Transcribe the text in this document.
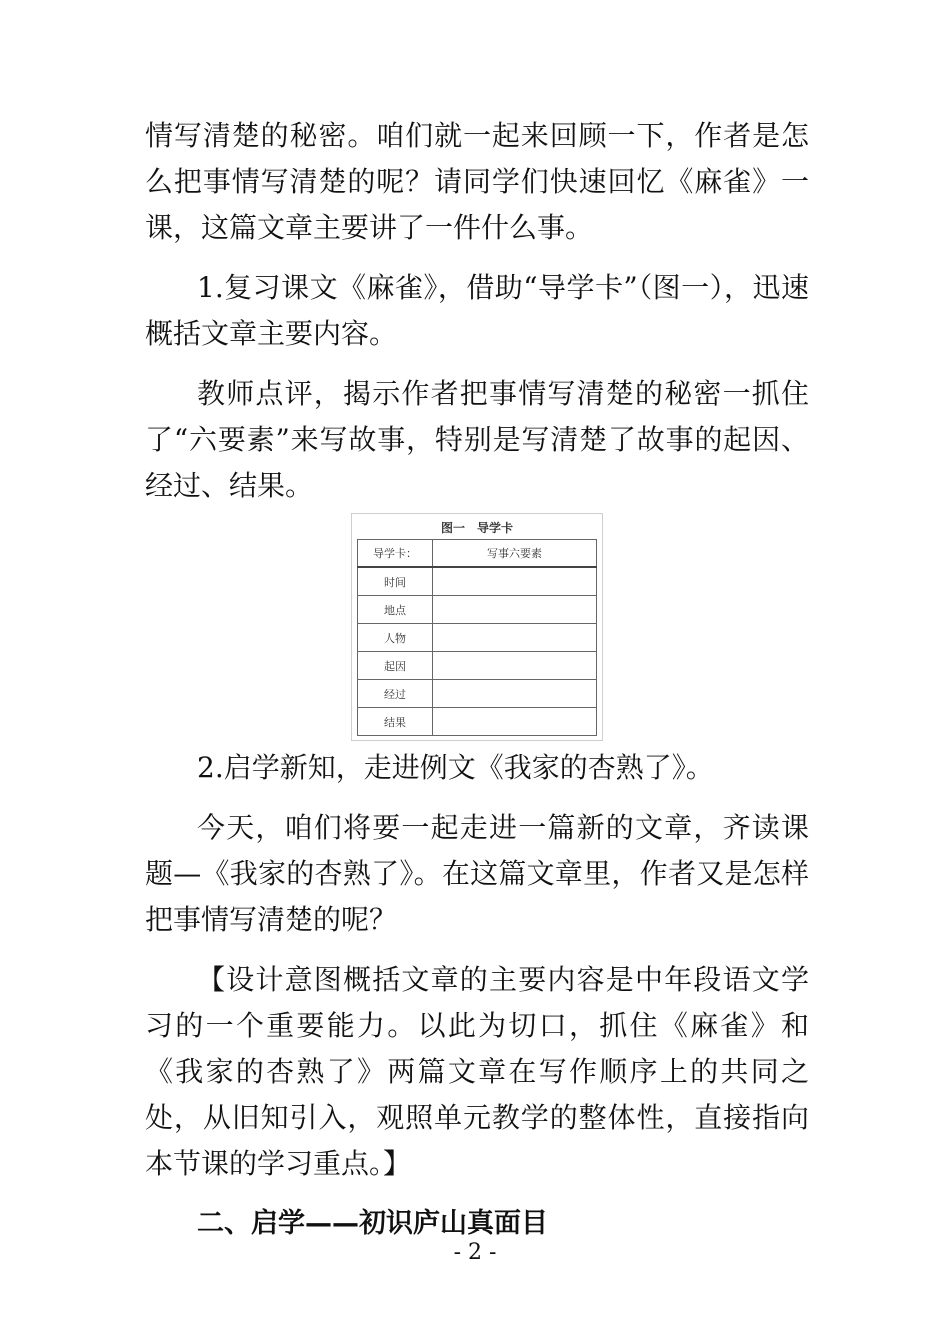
情写清楚的秘密。咱们就一起来回顾一下，作者是怎么把事情写清楚的呢？请同学们快速回忆《麻雀》一课，这篇文章主要讲了一件什么事。

1.复习课文《麻雀》，借助“导学卡”（图一），迅速概括文章主要内容。

教师点评，揭示作者把事情写清楚的秘密一抓住了“六要素”来写故事，特别是写清楚了故事的起因、经过、结果。

图一　导学卡
导学卡：	写事六要素
时间	
地点	
人物	
起因	
经过	
结果	

2.启学新知，走进例文《我家的杏熟了》。

今天，咱们将要一起走进一篇新的文章，齐读课题—《我家的杏熟了》。在这篇文章里，作者又是怎样把事情写清楚的呢？

【设计意图概括文章的主要内容是中年段语文学习的一个重要能力。以此为切口，抓住《麻雀》和《我家的杏熟了》两篇文章在写作顺序上的共同之处，从旧知引入，观照单元教学的整体性，直接指向本节课的学习重点。】

二、启学——初识庐山真面目
- 2 -
